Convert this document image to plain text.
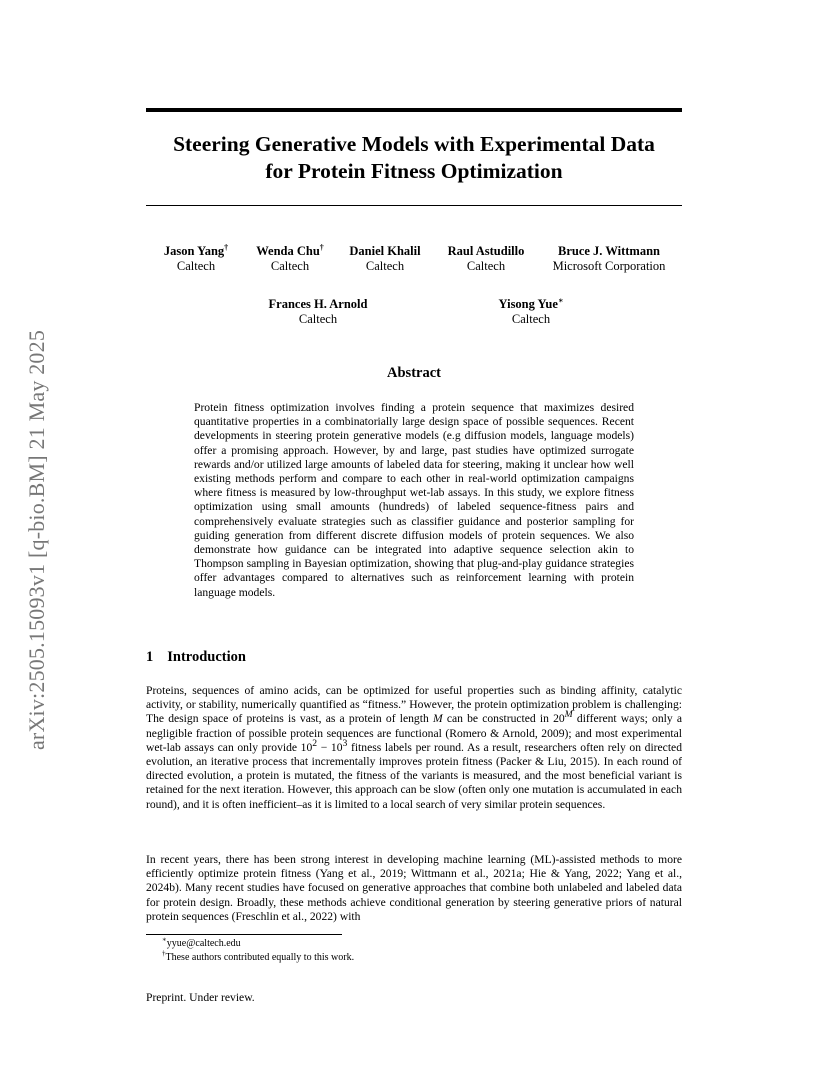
arXiv:2505.15093v1 [q-bio.BM] 21 May 2025
Steering Generative Models with Experimental Data
for Protein Fitness Optimization
Jason Yang†
Caltech
Wenda Chu†
Caltech
Daniel Khalil
Caltech
Raul Astudillo
Caltech
Bruce J. Wittmann
Microsoft Corporation
Frances H. Arnold
Caltech
Yisong Yue∗
Caltech
Abstract
Protein fitness optimization involves finding a protein sequence that maximizes desired quantitative properties in a combinatorially large design space of possible sequences. Recent developments in steering protein generative models (e.g diffusion models, language models) offer a promising approach. However, by and large, past studies have optimized surrogate rewards and/or utilized large amounts of labeled data for steering, making it unclear how well existing methods perform and compare to each other in real-world optimization campaigns where fitness is measured by low-throughput wet-lab assays. In this study, we explore fitness optimization using small amounts (hundreds) of labeled sequence-fitness pairs and comprehensively evaluate strategies such as classifier guidance and posterior sampling for guiding generation from different discrete diffusion models of protein sequences. We also demonstrate how guidance can be integrated into adaptive sequence selection akin to Thompson sampling in Bayesian optimization, showing that plug-and-play guidance strategies offer advantages compared to alternatives such as reinforcement learning with protein language models.
1 Introduction
Proteins, sequences of amino acids, can be optimized for useful properties such as binding affinity, catalytic activity, or stability, numerically quantified as “fitness.” However, the protein optimization problem is challenging: The design space of proteins is vast, as a protein of length M can be constructed in $20^M$ different ways; only a negligible fraction of possible protein sequences are functional (Romero & Arnold, 2009); and most experimental wet-lab assays can only provide $10^2 - 10^3$ fitness labels per round. As a result, researchers often rely on directed evolution, an iterative process that incrementally improves protein fitness (Packer & Liu, 2015). In each round of directed evolution, a protein is mutated, the fitness of the variants is measured, and the most beneficial variant is retained for the next iteration. However, this approach can be slow (often only one mutation is accumulated in each round), and it is often inefficient–as it is limited to a local search of very similar protein sequences.
In recent years, there has been strong interest in developing machine learning (ML)-assisted methods to more efficiently optimize protein fitness (Yang et al., 2019; Wittmann et al., 2021a; Hie & Yang, 2022; Yang et al., 2024b). Many recent studies have focused on generative approaches that combine both unlabeled and labeled data for protein design. Broadly, these methods achieve conditional generation by steering generative priors of natural protein sequences (Freschlin et al., 2022) with
∗yyue@caltech.edu
†These authors contributed equally to this work.
Preprint. Under review.
